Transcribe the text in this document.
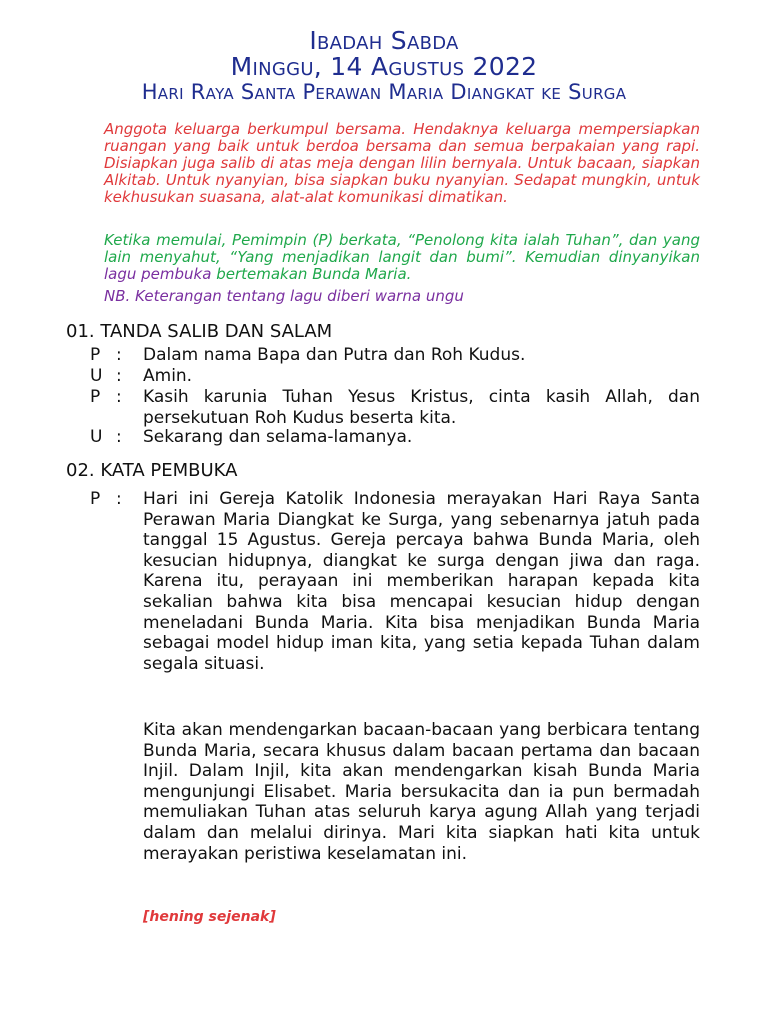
Ibadah Sabda
Minggu, 14 Agustus 2022
Hari Raya Santa Perawan Maria Diangkat ke Surga
Anggota keluarga berkumpul bersama. Hendaknya keluarga mempersiapkan ruangan yang baik untuk berdoa bersama dan semua berpakaian yang rapi. Disiapkan juga salib di atas meja dengan lilin bernyala. Untuk bacaan, siapkan Alkitab. Untuk nyanyian, bisa siapkan buku nyanyian. Sedapat mungkin, untuk kekhusukan suasana, alat-alat komunikasi dimatikan.
Ketika memulai, Pemimpin (P) berkata, “Penolong kita ialah Tuhan”, dan yang lain menyahut, “Yang menjadikan langit dan bumi”. Kemudian dinyanyikan lagu pembuka bertemakan Bunda Maria.
NB. Keterangan tentang lagu diberi warna ungu
01. TANDA SALIB DAN SALAM
P : Dalam nama Bapa dan Putra dan Roh Kudus.
U : Amin.
P : Kasih karunia Tuhan Yesus Kristus, cinta kasih Allah, dan persekutuan Roh Kudus beserta kita.
U : Sekarang dan selama-lamanya.
02. KATA PEMBUKA
P : Hari ini Gereja Katolik Indonesia merayakan Hari Raya Santa Perawan Maria Diangkat ke Surga, yang sebenarnya jatuh pada tanggal 15 Agustus. Gereja percaya bahwa Bunda Maria, oleh kesucian hidupnya, diangkat ke surga dengan jiwa dan raga. Karena itu, perayaan ini memberikan harapan kepada kita sekalian bahwa kita bisa mencapai kesucian hidup dengan meneladani Bunda Maria. Kita bisa menjadikan Bunda Maria sebagai model hidup iman kita, yang setia kepada Tuhan dalam segala situasi.
Kita akan mendengarkan bacaan-bacaan yang berbicara tentang Bunda Maria, secara khusus dalam bacaan pertama dan bacaan Injil. Dalam Injil, kita akan mendengarkan kisah Bunda Maria mengunjungi Elisabet. Maria bersukacita dan ia pun bermadah memuliakan Tuhan atas seluruh karya agung Allah yang terjadi dalam dan melalui dirinya. Mari kita siapkan hati kita untuk merayakan peristiwa keselamatan ini.
[hening sejenak]
